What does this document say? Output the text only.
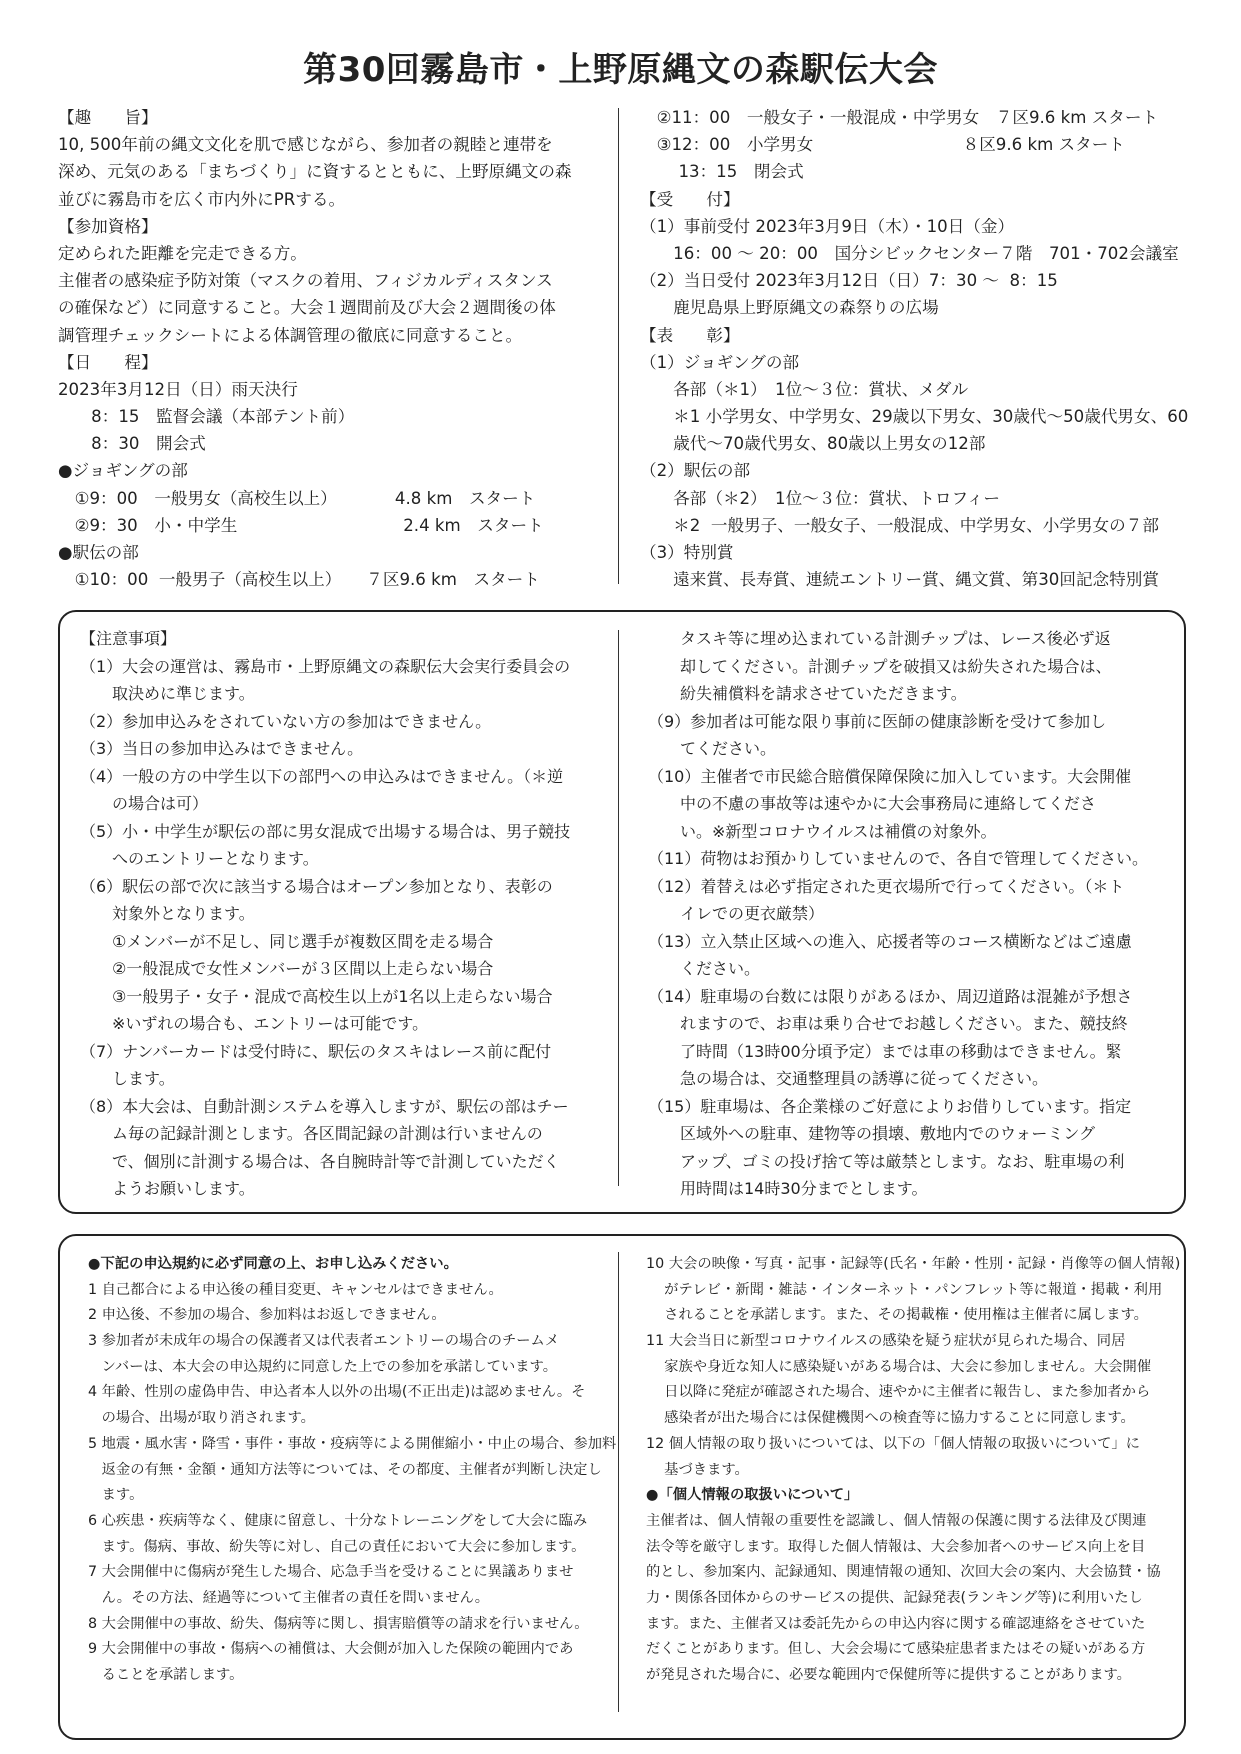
第30回霧島市・上野原縄文の森駅伝大会
【趣　　旨】
10, 500年前の縄文文化を肌で感じながら、参加者の親睦と連帯を
深め、元気のある「まちづくり」に資するとともに、上野原縄文の森
並びに霧島市を広く市内外にPRする。
【参加資格】
定められた距離を完走できる方。
主催者の感染症予防対策（マスクの着用、フィジカルディスタンス
の確保など）に同意すること。大会１週間前及び大会２週間後の体
調管理チェックシートによる体調管理の徹底に同意すること。
【日　　程】
2023年3月12日（日）雨天決行
　　8：15　監督会議（本部テント前）
　　8：30　開会式
●ジョギングの部
　①9：00　一般男女（高校生以上）　　　　4.8 km　スタート
　②9：30　小・中学生　　　　　　　　　　2.4 km　スタート
●駅伝の部
　①10：00  一般男子（高校生以上）　　７区9.6 km　スタート
　②11：00　一般女子・一般混成・中学男女　７区9.6 km スタート
　③12：00　小学男女　　　　　　　　　８区9.6 km スタート
　　 13：15　閉会式
【受　　付】
（1）事前受付 2023年3月9日（木）・10日（金）
　　16：00 ～ 20：00　国分シビックセンター７階　701・702会議室
（2）当日受付 2023年3月12日（日）7：30 ～  8：15
　　鹿児島県上野原縄文の森祭りの広場
【表　　彰】
（1）ジョギングの部
　　各部（＊1）　1位～３位：賞状、メダル
　　＊1 小学男女、中学男女、29歳以下男女、30歳代～50歳代男女、60
　　歳代～70歳代男女、80歳以上男女の12部
（2）駅伝の部
　　各部（＊2）　1位～３位：賞状、トロフィー
　　＊2  一般男子、一般女子、一般混成、中学男女、小学男女の７部
（3）特別賞
　　遠来賞、長寿賞、連続エントリー賞、縄文賞、第30回記念特別賞
【注意事項】
（1）大会の運営は、霧島市・上野原縄文の森駅伝大会実行委員会の
　　取決めに準じます。
（2）参加申込みをされていない方の参加はできません。
（3）当日の参加申込みはできません。
（4）一般の方の中学生以下の部門への申込みはできません。（＊逆
　　の場合は可）
（5）小・中学生が駅伝の部に男女混成で出場する場合は、男子競技
　　へのエントリーとなります。
（6）駅伝の部で次に該当する場合はオープン参加となり、表彰の
　　対象外となります。
　　①メンバーが不足し、同じ選手が複数区間を走る場合
　　②一般混成で女性メンバーが３区間以上走らない場合
　　③一般男子・女子・混成で高校生以上が1名以上走らない場合
　　※いずれの場合も、エントリーは可能です。
（7）ナンバーカードは受付時に、駅伝のタスキはレース前に配付
　　します。
（8）本大会は、自動計測システムを導入しますが、駅伝の部はチー
　　ム毎の記録計測とします。各区間記録の計測は行いませんの
　　で、個別に計測する場合は、各自腕時計等で計測していただく
　　ようお願いします。
　　タスキ等に埋め込まれている計測チップは、レース後必ず返
　　却してください。計測チップを破損又は紛失された場合は、
　　紛失補償料を請求させていただきます。
（9）参加者は可能な限り事前に医師の健康診断を受けて参加し
　　てください。
（10）主催者で市民総合賠償保障保険に加入しています。大会開催
　　中の不慮の事故等は速やかに大会事務局に連絡してくださ
　　い。※新型コロナウイルスは補償の対象外。
（11）荷物はお預かりしていませんので、各自で管理してください。
（12）着替えは必ず指定された更衣場所で行ってください。（＊ト
　　イレでの更衣厳禁）
（13）立入禁止区域への進入、応援者等のコース横断などはご遠慮
　　ください。
（14）駐車場の台数には限りがあるほか、周辺道路は混雑が予想さ
　　れますので、お車は乗り合せでお越しください。また、競技終
　　了時間（13時00分頃予定）までは車の移動はできません。緊
　　急の場合は、交通整理員の誘導に従ってください。
（15）駐車場は、各企業様のご好意によりお借りしています。指定
　　区域外への駐車、建物等の損壊、敷地内でのウォーミング
　　アップ、ゴミの投げ捨て等は厳禁とします。なお、駐車場の利
　　用時間は14時30分までとします。
●下記の申込規約に必ず同意の上、お申し込みください。
1 自己都合による申込後の種目変更、キャンセルはできません。
2 申込後、不参加の場合、参加料はお返しできません。
3 参加者が未成年の場合の保護者又は代表者エントリーの場合のチームメ
ンバーは、本大会の申込規約に同意した上での参加を承諾しています。
4 年齢、性別の虚偽申告、申込者本人以外の出場(不正出走)は認めません。そ
の場合、出場が取り消されます。
5 地震・風水害・降雪・事件・事故・疫病等による開催縮小・中止の場合、参加料
返金の有無・金額・通知方法等については、その都度、主催者が判断し決定し
ます。
6 心疾患・疾病等なく、健康に留意し、十分なトレーニングをして大会に臨み
ます。傷病、事故、紛失等に対し、自己の責任において大会に参加します。
7 大会開催中に傷病が発生した場合、応急手当を受けることに異議ありませ
ん。その方法、経過等について主催者の責任を問いません。
8 大会開催中の事故、紛失、傷病等に関し、損害賠償等の請求を行いません。
9 大会開催中の事故・傷病への補償は、大会側が加入した保険の範囲内であ
ることを承諾します。
10 大会の映像・写真・記事・記録等(氏名・年齢・性別・記録・肖像等の個人情報)
がテレビ・新聞・雑誌・インターネット・パンフレット等に報道・掲載・利用
されることを承諾します。また、その掲載権・使用権は主催者に属します。
11 大会当日に新型コロナウイルスの感染を疑う症状が見られた場合、同居
家族や身近な知人に感染疑いがある場合は、大会に参加しません。大会開催
日以降に発症が確認された場合、速やかに主催者に報告し、また参加者から
感染者が出た場合には保健機関への検査等に協力することに同意します。
12 個人情報の取り扱いについては、以下の「個人情報の取扱いについて」に
基づきます。
●「個人情報の取扱いについて」
主催者は、個人情報の重要性を認識し、個人情報の保護に関する法律及び関連
法令等を厳守します。取得した個人情報は、大会参加者へのサービス向上を目
的とし、参加案内、記録通知、関連情報の通知、次回大会の案内、大会協賛・協
力・関係各団体からのサービスの提供、記録発表(ランキング等)に利用いたし
ます。また、主催者又は委託先からの申込内容に関する確認連絡をさせていた
だくことがあります。但し、大会会場にて感染症患者またはその疑いがある方
が発見された場合に、必要な範囲内で保健所等に提供することがあります。
